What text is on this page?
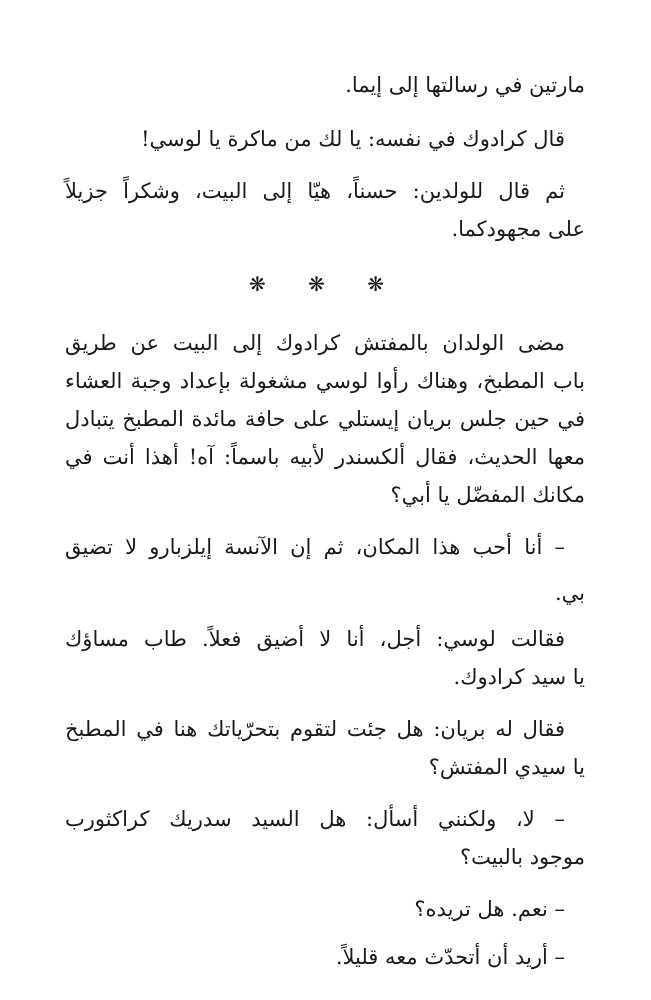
مارتين في رسالتها إلى إيما.
قال كرادوك في نفسه: يا لك من ماكرة يا لوسي!
ثم قال للولدين: حسناً، هيّا إلى البيت، وشكراً جزيلاً
على مجهودكما.
❋ ❋ ❋
مضى الولدان بالمفتش كرادوك إلى البيت عن طريق
باب المطبخ، وهناك رأوا لوسي مشغولة بإعداد وجبة العشاء
في حين جلس بريان إيستلي على حافة مائدة المطبخ يتبادل
معها الحديث، فقال ألكسندر لأبيه باسماً: آه! أهذا أنت في
مكانك المفضّل يا أبي؟
– أنا أحب هذا المكان، ثم إن الآنسة إيلزبارو لا تضيق
بي.
فقالت لوسي: أجل، أنا لا أضيق فعلاً. طاب مساؤك
يا سيد كرادوك.
فقال له بريان: هل جئت لتقوم بتحرّياتك هنا في المطبخ
يا سيدي المفتش؟
– لا، ولكنني أسأل: هل السيد سدريك كراكثورب
موجود بالبيت؟
– نعم. هل تريده؟
– أريد أن أتحدّث معه قليلاً.
